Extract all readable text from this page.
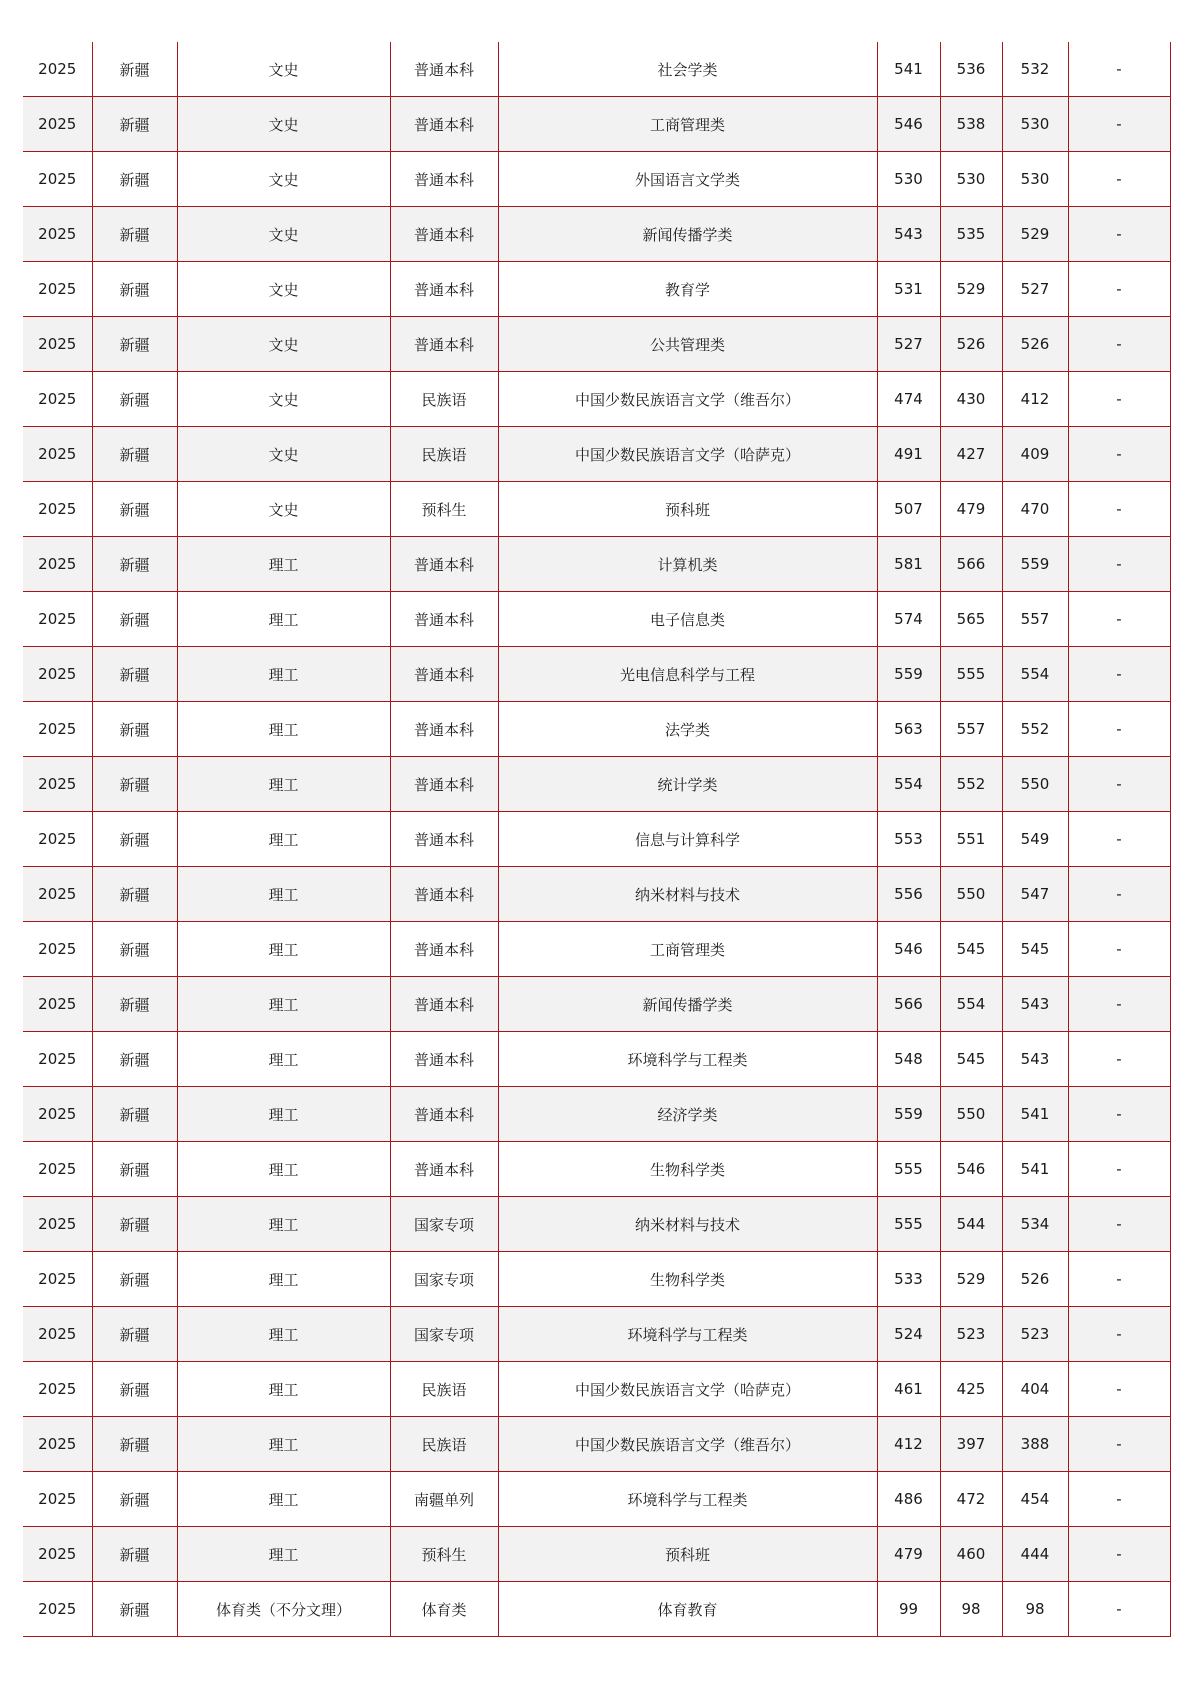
2025	新疆	文史	普通本科	社会学类	541	536	532	-
2025	新疆	文史	普通本科	工商管理类	546	538	530	-
2025	新疆	文史	普通本科	外国语言文学类	530	530	530	-
2025	新疆	文史	普通本科	新闻传播学类	543	535	529	-
2025	新疆	文史	普通本科	教育学	531	529	527	-
2025	新疆	文史	普通本科	公共管理类	527	526	526	-
2025	新疆	文史	民族语	中国少数民族语言文学（维吾尔）	474	430	412	-
2025	新疆	文史	民族语	中国少数民族语言文学（哈萨克）	491	427	409	-
2025	新疆	文史	预科生	预科班	507	479	470	-
2025	新疆	理工	普通本科	计算机类	581	566	559	-
2025	新疆	理工	普通本科	电子信息类	574	565	557	-
2025	新疆	理工	普通本科	光电信息科学与工程	559	555	554	-
2025	新疆	理工	普通本科	法学类	563	557	552	-
2025	新疆	理工	普通本科	统计学类	554	552	550	-
2025	新疆	理工	普通本科	信息与计算科学	553	551	549	-
2025	新疆	理工	普通本科	纳米材料与技术	556	550	547	-
2025	新疆	理工	普通本科	工商管理类	546	545	545	-
2025	新疆	理工	普通本科	新闻传播学类	566	554	543	-
2025	新疆	理工	普通本科	环境科学与工程类	548	545	543	-
2025	新疆	理工	普通本科	经济学类	559	550	541	-
2025	新疆	理工	普通本科	生物科学类	555	546	541	-
2025	新疆	理工	国家专项	纳米材料与技术	555	544	534	-
2025	新疆	理工	国家专项	生物科学类	533	529	526	-
2025	新疆	理工	国家专项	环境科学与工程类	524	523	523	-
2025	新疆	理工	民族语	中国少数民族语言文学（哈萨克）	461	425	404	-
2025	新疆	理工	民族语	中国少数民族语言文学（维吾尔）	412	397	388	-
2025	新疆	理工	南疆单列	环境科学与工程类	486	472	454	-
2025	新疆	理工	预科生	预科班	479	460	444	-
2025	新疆	体育类（不分文理）	体育类	体育教育	99	98	98	-
